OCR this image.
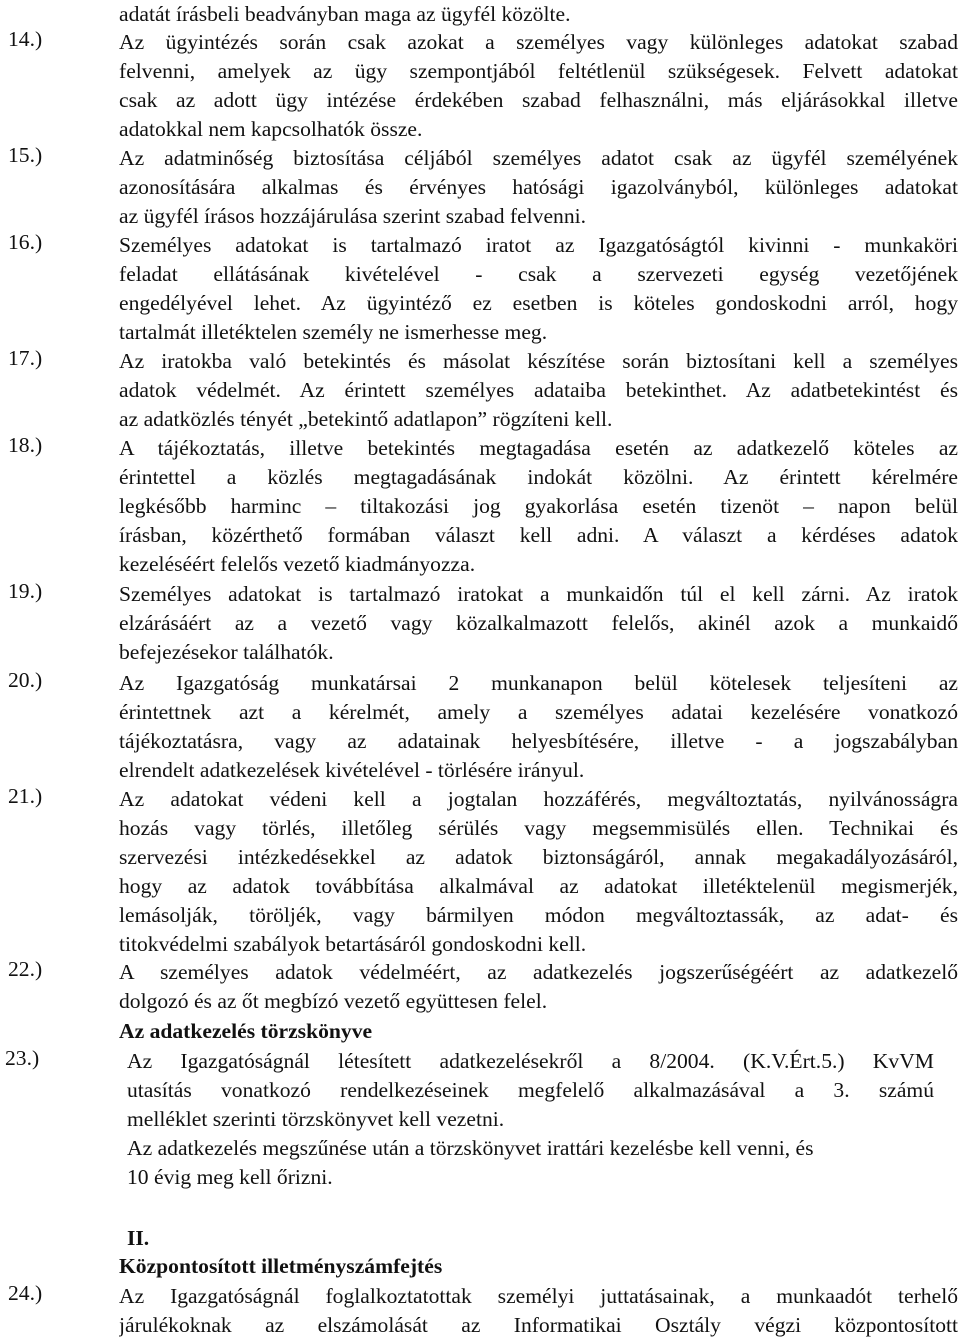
adatát írásbeli beadványban maga az ügyfél közölte.
14.)	Az ügyintézés során csak azokat a személyes vagy különleges adatokat szabad
felvenni, amelyek az ügy szempontjából feltétlenül szükségesek. Felvett adatokat
csak az adott ügy intézése érdekében szabad felhasználni, más eljárásokkal illetve
adatokkal nem kapcsolhatók össze.
15.)	Az adatminőség biztosítása céljából személyes adatot csak az ügyfél személyének
azonosítására alkalmas és érvényes hatósági igazolványból, különleges adatokat
az ügyfél írásos hozzájárulása szerint szabad felvenni.
16.)	Személyes adatokat is tartalmazó iratot az Igazgatóságtól kivinni - munkaköri
feladat ellátásának kivételével - csak a szervezeti egység vezetőjének
engedélyével lehet. Az ügyintéző ez esetben is köteles gondoskodni arról, hogy
tartalmát illetéktelen személy ne ismerhesse meg.
17.)	Az iratokba való betekintés és másolat készítése során biztosítani kell a személyes
adatok védelmét. Az érintett személyes adataiba betekinthet. Az adatbetekintést és
az adatközlés tényét „betekintő adatlapon” rögzíteni kell.
18.)	A tájékoztatás, illetve betekintés megtagadása esetén az adatkezelő köteles az
érintettel a közlés megtagadásának indokát közölni. Az érintett kérelmére
legkésőbb harminc – tiltakozási jog gyakorlása esetén tizenöt – napon belül
írásban, közérthető formában választ kell adni. A választ a kérdéses adatok
kezeléséért felelős vezető kiadmányozza.
19.)	Személyes adatokat is tartalmazó iratokat a munkaidőn túl el kell zárni. Az iratok
elzárásáért az a vezető vagy közalkalmazott felelős, akinél azok a munkaidő
befejezésekor találhatók.
20.)	Az Igazgatóság munkatársai 2 munkanapon belül kötelesek teljesíteni az
érintettnek azt a kérelmét, amely a személyes adatai kezelésére vonatkozó
tájékoztatásra, vagy az adatainak helyesbítésére, illetve - a jogszabályban
elrendelt adatkezelések kivételével - törlésére irányul.
21.)	Az adatokat védeni kell a jogtalan hozzáférés, megváltoztatás, nyilvánosságra
hozás vagy törlés, illetőleg sérülés vagy megsemmisülés ellen. Technikai és
szervezési intézkedésekkel az adatok biztonságáról, annak megakadályozásáról,
hogy az adatok továbbítása alkalmával az adatokat illetéktelenül megismerjék,
lemásolják, töröljék, vagy bármilyen módon megváltoztassák, az adat- és
titokvédelmi szabályok betartásáról gondoskodni kell.
22.)	A személyes adatok védelméért, az adatkezelés jogszerűségéért az adatkezelő
dolgozó és az őt megbízó vezető együttesen felel.
Az adatkezelés törzskönyve
23.)	Az Igazgatóságnál létesített adatkezelésekről a 8/2004. (K.V.Ért.5.) KvVM
utasítás vonatkozó rendelkezéseinek megfelelő alkalmazásával a 3. számú
melléklet szerinti törzskönyvet kell vezetni.
Az adatkezelés megszűnése után a törzskönyvet irattári kezelésbe kell venni, és
10 évig meg kell őrizni.
II.
Központosított illetményszámfejtés
24.)	Az Igazgatóságnál foglalkoztatottak személyi juttatásainak, a munkaadót terhelő
járulékoknak az elszámolását az Informatikai Osztály végzi központosított
